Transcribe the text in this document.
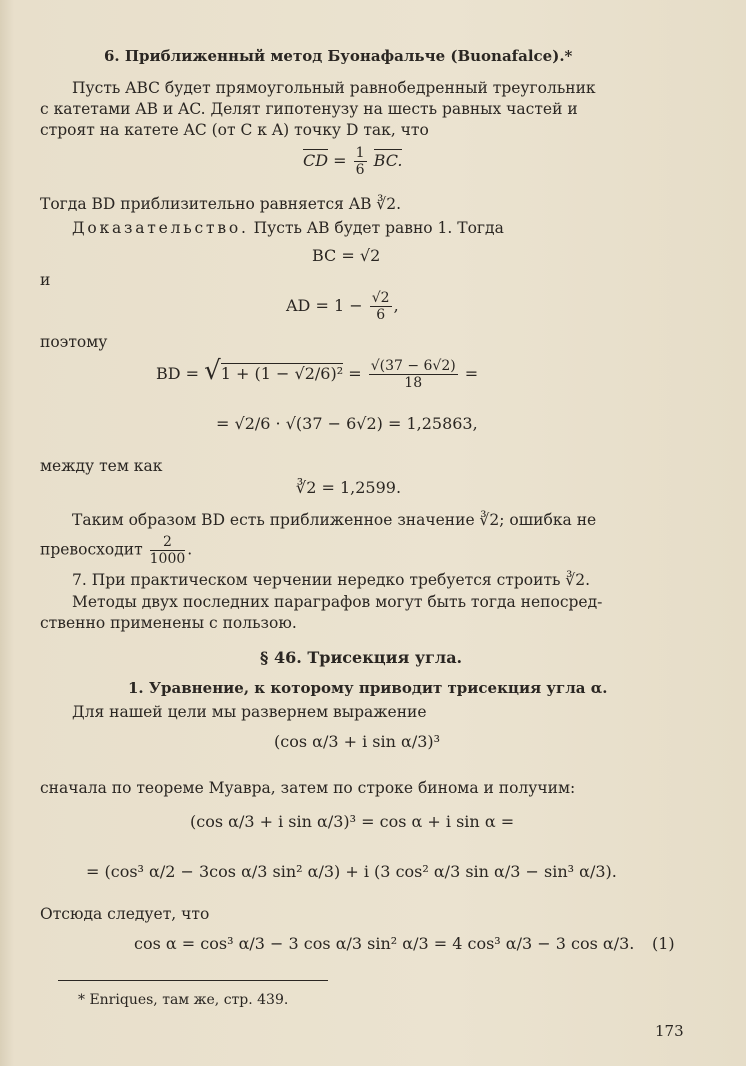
6. Приближенный метод Буонафальче (Buonafalce).*
Пусть ABC будет прямоугольный равнобедренный треугольник
с катетами AB и AC. Делят гипотенузу на шесть равных частей и
строят на катете AC (от C к A) точку D так, что
CD = $\frac{1}{6}$ BC.
Тогда BD приблизительно равняется AB ∛2.
Доказательство. Пусть AB будет равно 1. Тогда
BC = √2
и
AD = $1 - \frac{√2}{6}$ ,
поэтому
BD = $√1 + (1 - √2/6)^2 = \frac{√(37 - 6√2)}{18}$ =
= √2/6 · √(37 − 6√2) = 1,25863,
между тем как
∛2 = 1,2599.
Таким образом BD есть приближенное значение ∛2; ошибка не
превосходит $\frac{2}{1000}$ .
7. При практическом черчении нередко требуется строить ∛2.
Методы двух последних параграфов могут быть тогда непосред-
ственно применены с пользою.
§ 46. Трисекция угла.
1. Уравнение, к которому приводит трисекция угла α.
Для нашей цели мы развернем выражение
(cos α/3 + i sin α/3)³
сначала по теореме Муавра, затем по строке бинома и получим:
(cos α/3 + i sin α/3)³ = cos α + i sin α =
= (cos³ α/2 − 3cos α/3 sin² α/3) + i (3 cos² α/3 sin α/3 − sin³ α/3).
Отсюда следует, что
cos α = cos³ α/3 − 3 cos α/3 sin² α/3 = 4 cos³ α/3 − 3 cos α/3. (1)
* Enriques, там же, стр. 439.
173
